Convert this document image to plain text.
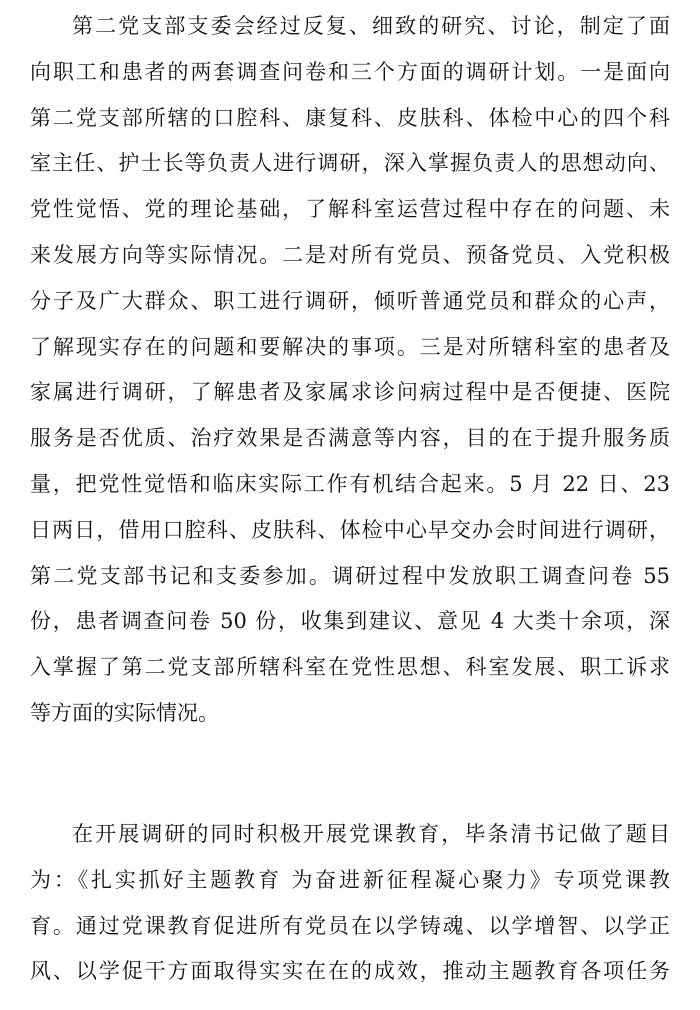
第二党支部支委会经过反复、细致的研究、讨论，制定了面
向职工和患者的两套调查问卷和三个方面的调研计划。一是面向
第二党支部所辖的口腔科、康复科、皮肤科、体检中心的四个科
室主任、护士长等负责人进行调研，深入掌握负责人的思想动向、
党性觉悟、党的理论基础，了解科室运营过程中存在的问题、未
来发展方向等实际情况。二是对所有党员、预备党员、入党积极
分子及广大群众、职工进行调研，倾听普通党员和群众的心声，
了解现实存在的问题和要解决的事项。三是对所辖科室的患者及
家属进行调研，了解患者及家属求诊问病过程中是否便捷、医院
服务是否优质、治疗效果是否满意等内容，目的在于提升服务质
量，把党性觉悟和临床实际工作有机结合起来。5 月 22 日、23
日两日，借用口腔科、皮肤科、体检中心早交办会时间进行调研，
第二党支部书记和支委参加。调研过程中发放职工调查问卷 55
份，患者调查问卷 50 份，收集到建议、意见 4 大类十余项，深
入掌握了第二党支部所辖科室在党性思想、科室发展、职工诉求
等方面的实际情况。
在开展调研的同时积极开展党课教育，毕条清书记做了题目
为：《扎实抓好主题教育 为奋进新征程凝心聚力》专项党课教
育。通过党课教育促进所有党员在以学铸魂、以学增智、以学正
风、以学促干方面取得实实在在的成效，推动主题教育各项任务
